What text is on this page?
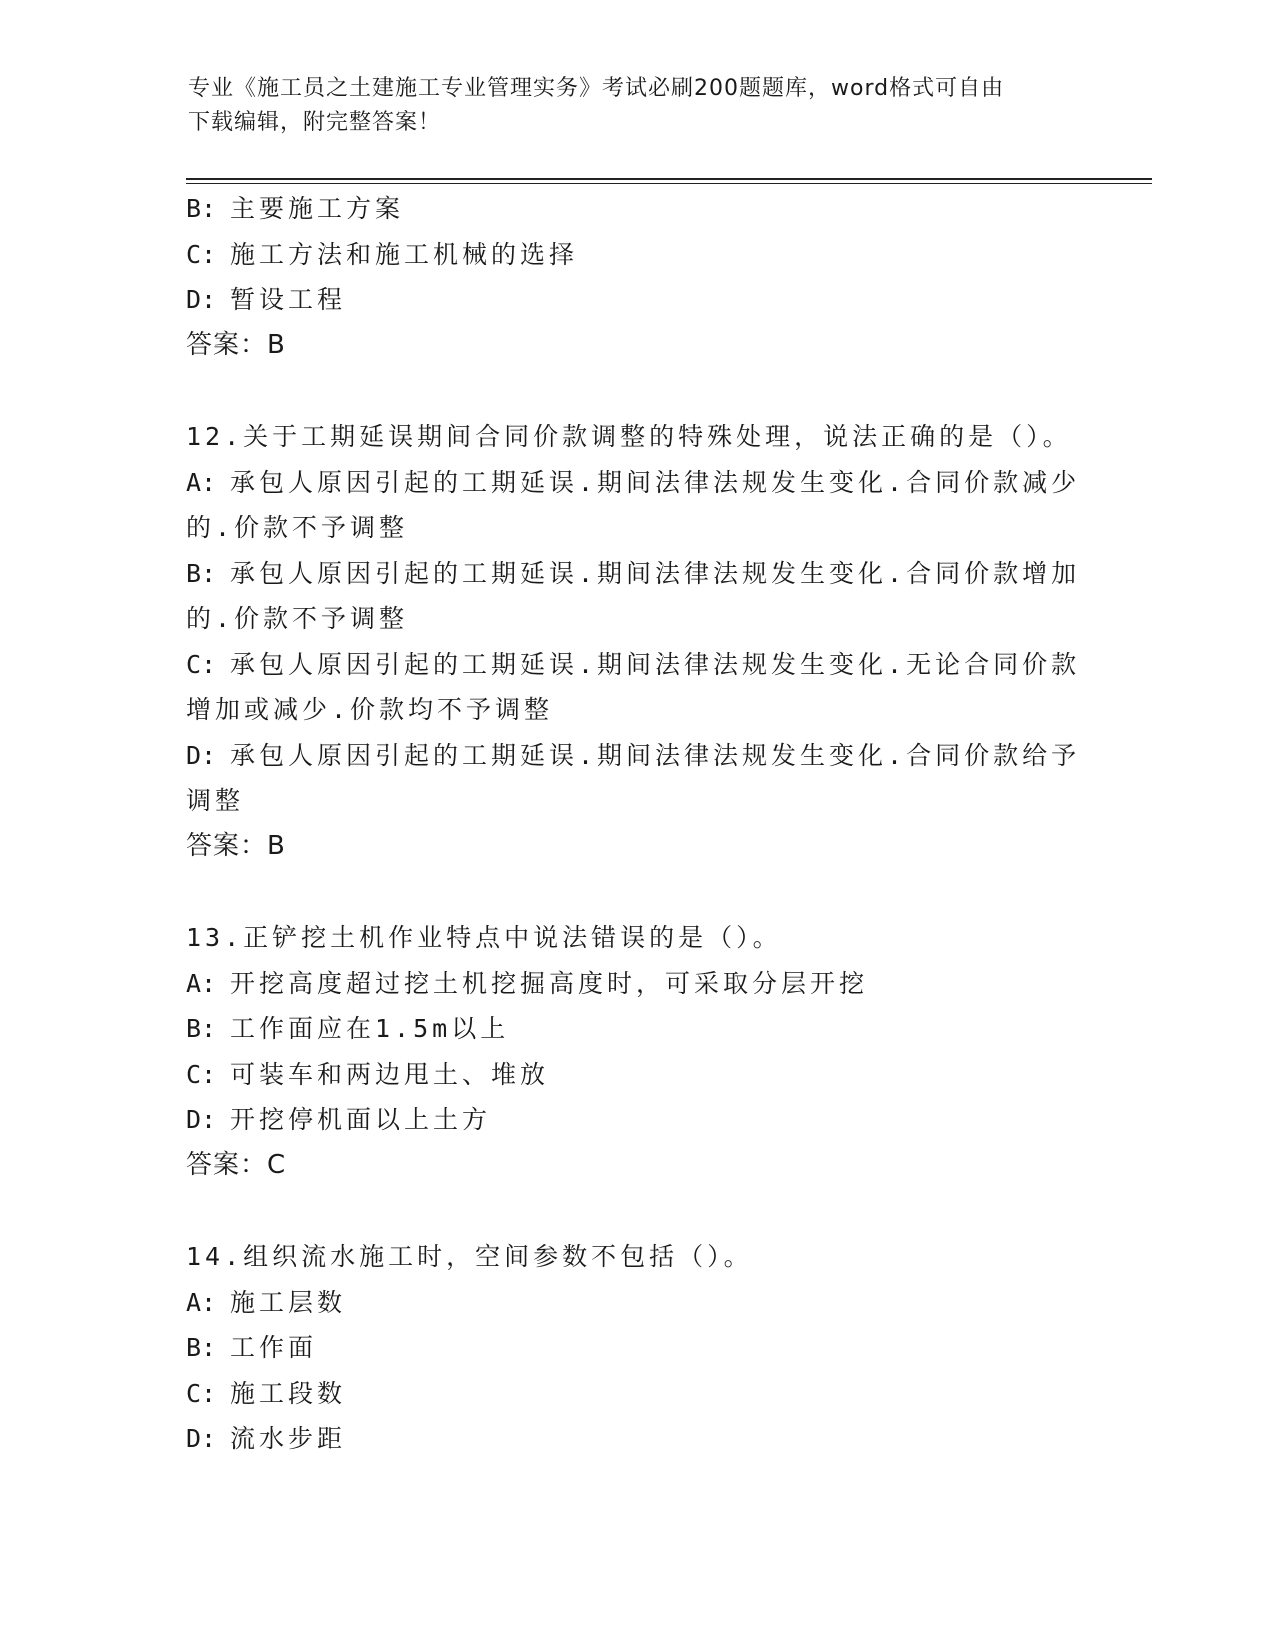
专业《施工员之土建施工专业管理实务》考试必刷200题题库，word格式可自由
下载编辑，附完整答案！
B: 主要施工方案
C: 施工方法和施工机械的选择
D: 暂设工程
答案：B
12.关于工期延误期间合同价款调整的特殊处理，说法正确的是（）。
A: 承包人原因引起的工期延误.期间法律法规发生变化.合同价款减少
的.价款不予调整
B: 承包人原因引起的工期延误.期间法律法规发生变化.合同价款增加
的.价款不予调整
C: 承包人原因引起的工期延误.期间法律法规发生变化.无论合同价款
增加或减少.价款均不予调整
D: 承包人原因引起的工期延误.期间法律法规发生变化.合同价款给予
调整
答案：B
13.正铲挖土机作业特点中说法错误的是（）。
A: 开挖高度超过挖土机挖掘高度时，可采取分层开挖
B: 工作面应在1.5m以上
C: 可装车和两边甩土、堆放
D: 开挖停机面以上土方
答案：C
14.组织流水施工时，空间参数不包括（）。
A: 施工层数
B: 工作面
C: 施工段数
D: 流水步距
